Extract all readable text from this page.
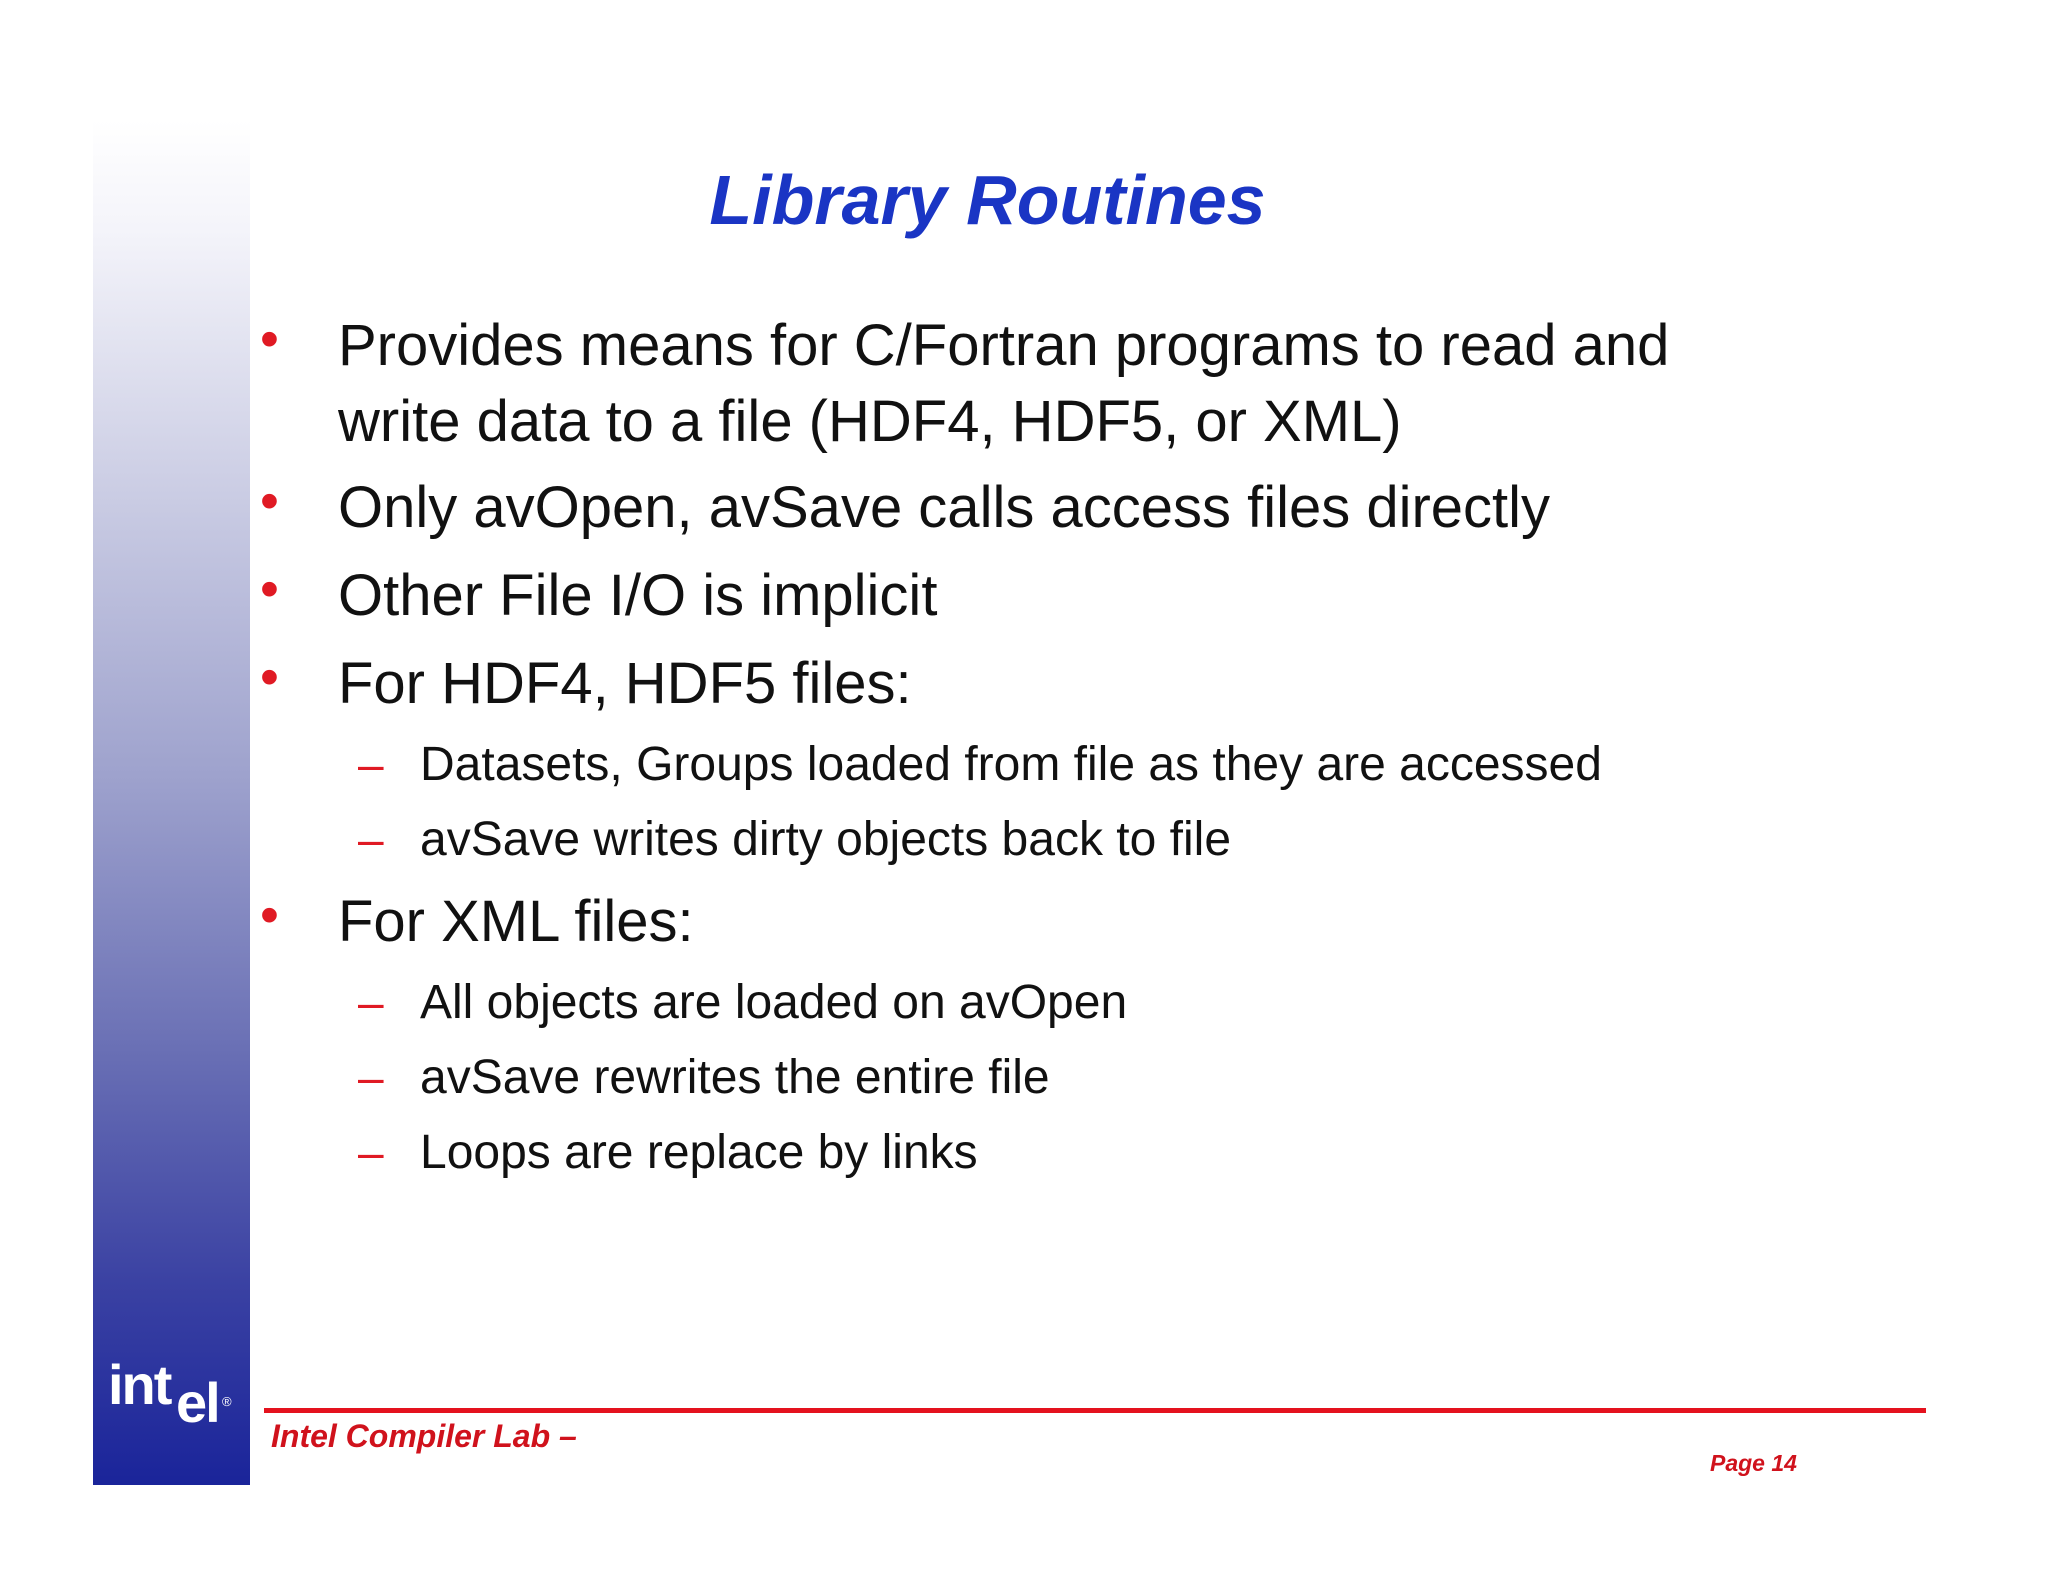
int el ®
Library Routines
• Provides means for C/Fortran programs to read and
write data to a file (HDF4, HDF5, or XML)
• Only avOpen, avSave calls access files directly
• Other File I/O is implicit
• For HDF4, HDF5 files:
– Datasets, Groups loaded from file as they are accessed
– avSave writes dirty objects back to file
• For XML files:
– All objects are loaded on avOpen
– avSave rewrites the entire file
– Loops are replace by links
Intel Compiler Lab –
Page 14
